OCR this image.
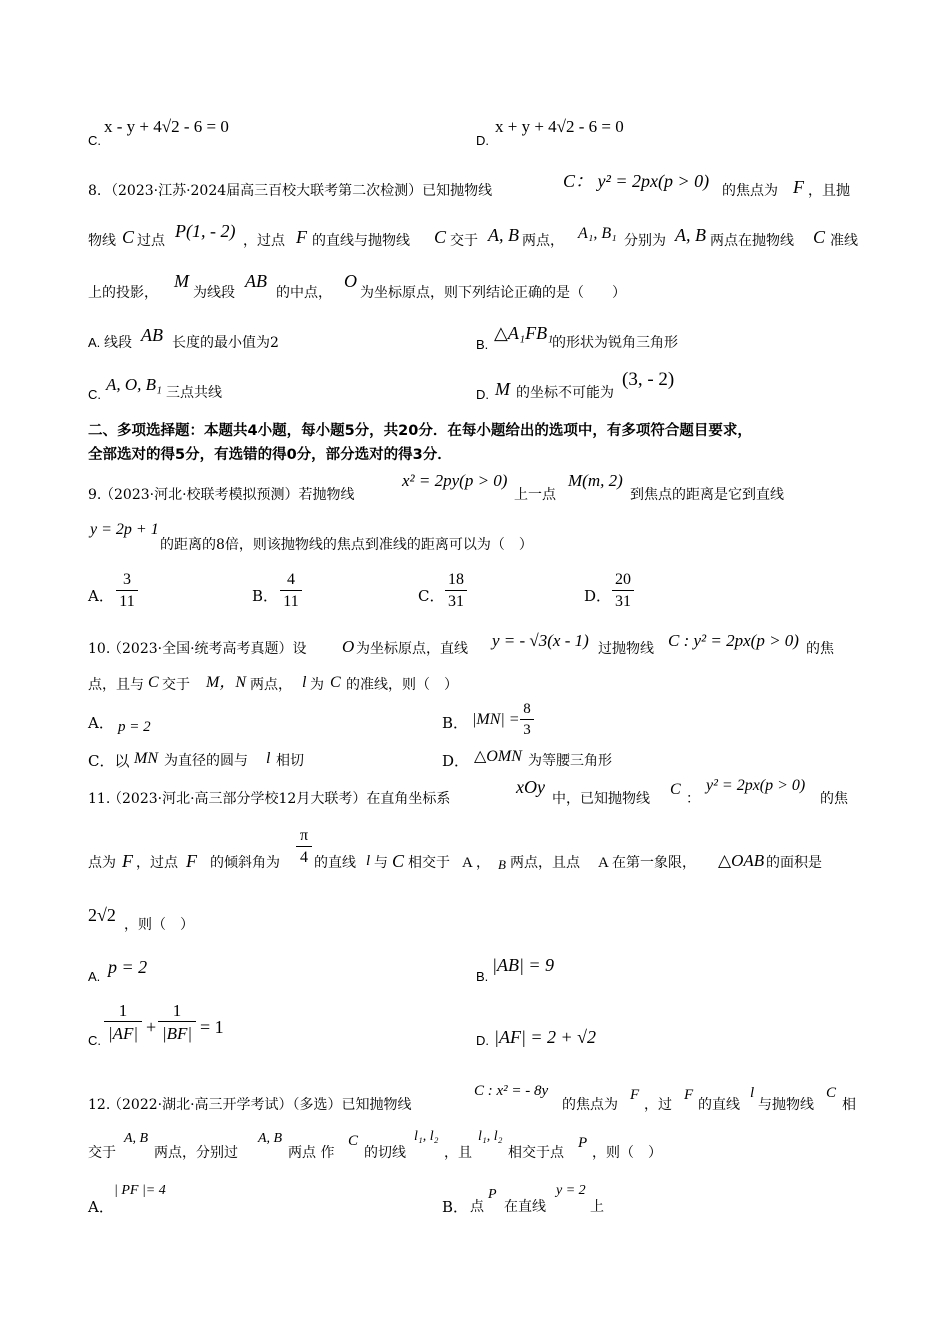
C.
x - y + 4√2 - 6 = 0
D.
x + y + 4√2 - 6 = 0
8. （2023·江苏·2024届高三百校大联考第二次检测）已知抛物线	C： y² = 2px(p > 0) 的焦点为 F ，且抛
物线 C 过点 P(1, - 2) ，过点 F 的直线与抛物线 C 交于 A, B 两点， A₁, B₁ 分别为 A, B 两点在抛物线 C 准线
上的投影，
M
为线段
AB
的中点，
O
为坐标原点，则下列结论正确的是（　　）
A. 线段 AB 长度的最小值为2	B.
△A₁FB₁
的形状为锐角三角形
C.
A, O, B₁ 三点共线	D. M 的坐标不可能为
(3, - 2)
二、多项选择题：本题共4小题，每小题5分，共20分．在每小题给出的选项中，有多项符合题目要求，
全部选对的得5分，有选错的得0分，部分选对的得3分．
9.
（2023·河北·校联考模拟预测）若抛物线
x² = 2py(p > 0)
上一点
M(m, 2)
到焦点的距离是它到直线
y = 2p + 1
的距离的8倍，则该抛物线的焦点到准线的距离可以为（　）
A． $\frac{3}{11}$	B． $\frac{4}{11}$	C． $\frac{18}{31}$	D． $\frac{20}{31}$
10.
（2023·全国·统考高考真题）设 O 为坐标原点，直线 y = - √3(x - 1) 过抛物线 C : y² = 2px(p > 0) 的焦
点，且与 C 交于 M，N 两点， l 为 C 的准线，则（　）
A． p = 2	B． $|MN| = \frac{8}{3}$
C．以 MN 为直径的圆与 l 相切	D． △OMN 为等腰三角形
11.
（2023·河北·高三部分学校12月大联考）在直角坐标系
xOy
中，已知抛物线
C
：
y² = 2px(p > 0)
的焦
点为 F ，过点 F 的倾斜角为 $\frac{\pi}{4}$ 的直线 l 与 C 相交于 A ， B 两点，且点 A 在第一象限， △OAB 的面积是
2√2 ，则（　）
A. p = 2	B.
|AB| = 9
C. $\frac{1}{|AF|} + \frac{1}{|BF|} = 1$
D. |AF| = 2 + √2
12.
（2022·湖北·高三开学考试）（多选）已知抛物线
C : x² = - 8y
的焦点为
F
，过
F
的直线
l
与抛物线
C
相
交于
A, B
两点，分别过
A, B
两点 作
C
的切线
l₁, l₂
，且
l₁, l₂
相交于点
P
，则（　）
A．
| PF |= 4
B． 点
P
在直线
y = 2
上
